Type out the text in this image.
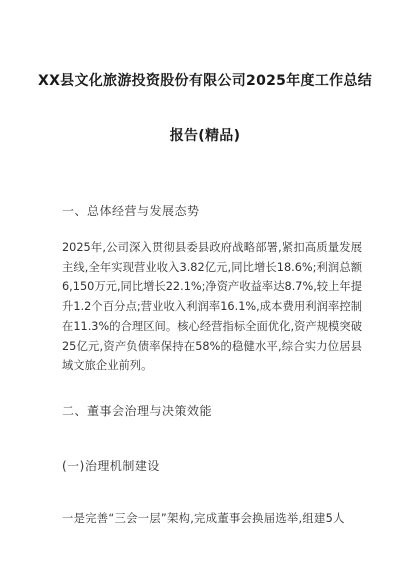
XX县文化旅游投资股份有限公司2025年度工作总结
报告(精品)
一、总体经营与发展态势
2025年,公司深入贯彻县委县政府战略部署,紧扣高质量发展
主线,全年实现营业收入3.82亿元,同比增长18.6%;利润总额
6,150万元,同比增长22.1%;净资产收益率达8.7%,较上年提
升1.2个百分点;营业收入利润率16.1%,成本费用利润率控制
在11.3%的合理区间。核心经营指标全面优化,资产规模突破
25亿元,资产负债率保持在58%的稳健水平,综合实力位居县
域文旅企业前列。
二、董事会治理与决策效能
(一)治理机制建设
一是完善“三会一层”架构,完成董事会换届选举,组建5人
